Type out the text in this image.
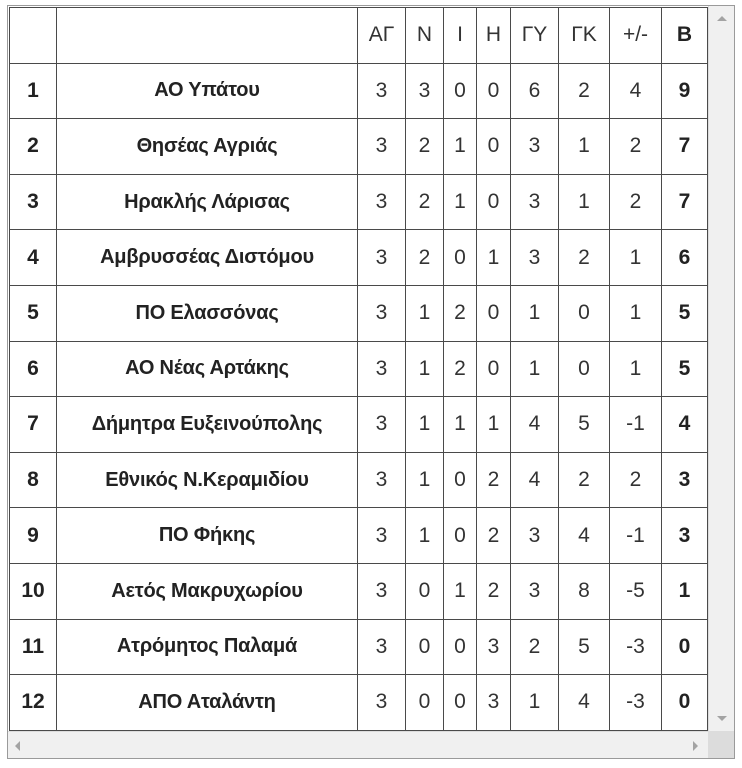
		ΑΓ	Ν	Ι	Η	ΓΥ	ΓΚ	+/-	Β
1	ΑΟ Υπάτου	3	3	0	0	6	2	4	9
2	Θησέας Αγριάς	3	2	1	0	3	1	2	7
3	Ηρακλής Λάρισας	3	2	1	0	3	1	2	7
4	Αμβρυσσέας Διστόμου	3	2	0	1	3	2	1	6
5	ΠΟ Ελασσόνας	3	1	2	0	1	0	1	5
6	ΑΟ Νέας Αρτάκης	3	1	2	0	1	0	1	5
7	Δήμητρα Ευξεινούπολης	3	1	1	1	4	5	-1	4
8	Εθνικός Ν.Κεραμιδίου	3	1	0	2	4	2	2	3
9	ΠΟ Φήκης	3	1	0	2	3	4	-1	3
10	Αετός Μακρυχωρίου	3	0	1	2	3	8	-5	1
11	Ατρόμητος Παλαμά	3	0	0	3	2	5	-3	0
12	ΑΠΟ Αταλάντη	3	0	0	3	1	4	-3	0
